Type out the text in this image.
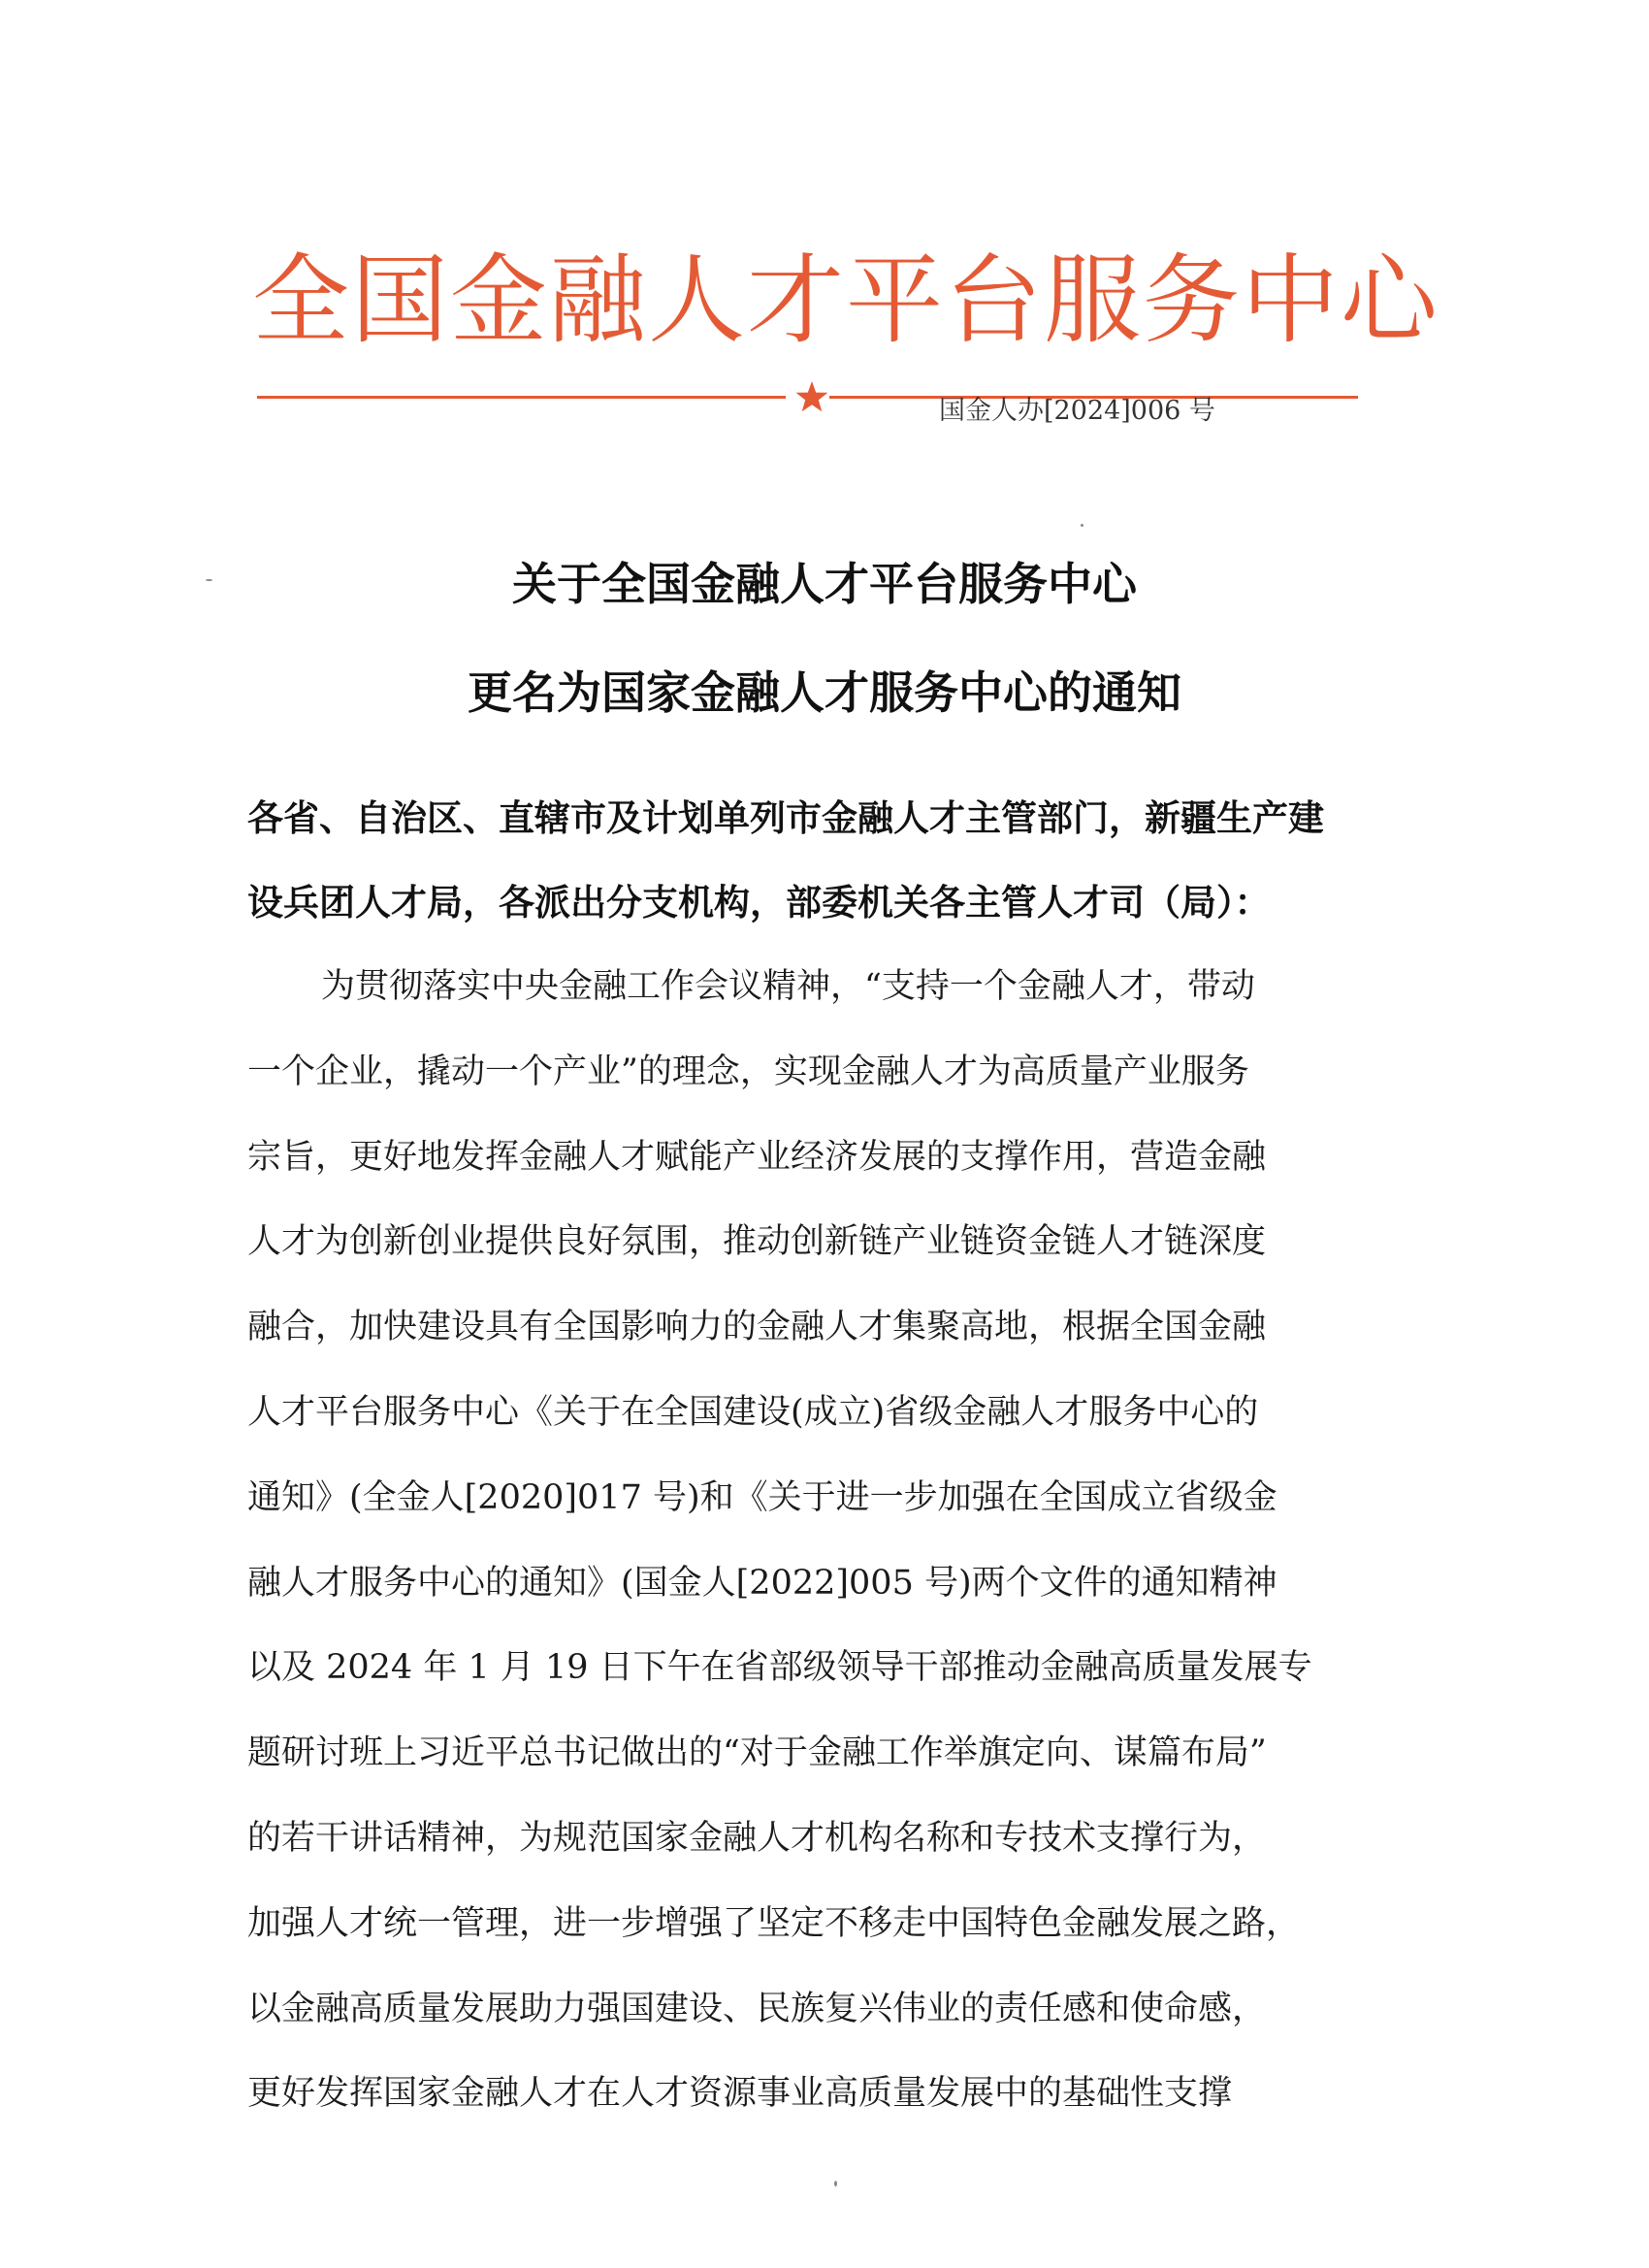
全国金融人才平台服务中心
国金人办[2024]006 号
关于全国金融人才平台服务中心
更名为国家金融人才服务中心的通知
各省、自治区、直辖市及计划单列市金融人才主管部门，新疆生产建
设兵团人才局，各派出分支机构，部委机关各主管人才司（局）：
为贯彻落实中央金融工作会议精神，“支持一个金融人才，带动
一个企业，撬动一个产业”的理念，实现金融人才为高质量产业服务
宗旨，更好地发挥金融人才赋能产业经济发展的支撑作用，营造金融
人才为创新创业提供良好氛围，推动创新链产业链资金链人才链深度
融合，加快建设具有全国影响力的金融人才集聚高地，根据全国金融
人才平台服务中心《关于在全国建设(成立)省级金融人才服务中心的
通知》(全金人[2020]017 号)和《关于进一步加强在全国成立省级金
融人才服务中心的通知》(国金人[2022]005 号)两个文件的通知精神
以及 2024 年 1 月 19 日下午在省部级领导干部推动金融高质量发展专
题研讨班上习近平总书记做出的“对于金融工作举旗定向、谋篇布局”
的若干讲话精神，为规范国家金融人才机构名称和专技术支撑行为，
加强人才统一管理，进一步增强了坚定不移走中国特色金融发展之路，
以金融高质量发展助力强国建设、民族复兴伟业的责任感和使命感，
更好发挥国家金融人才在人才资源事业高质量发展中的基础性支撑
